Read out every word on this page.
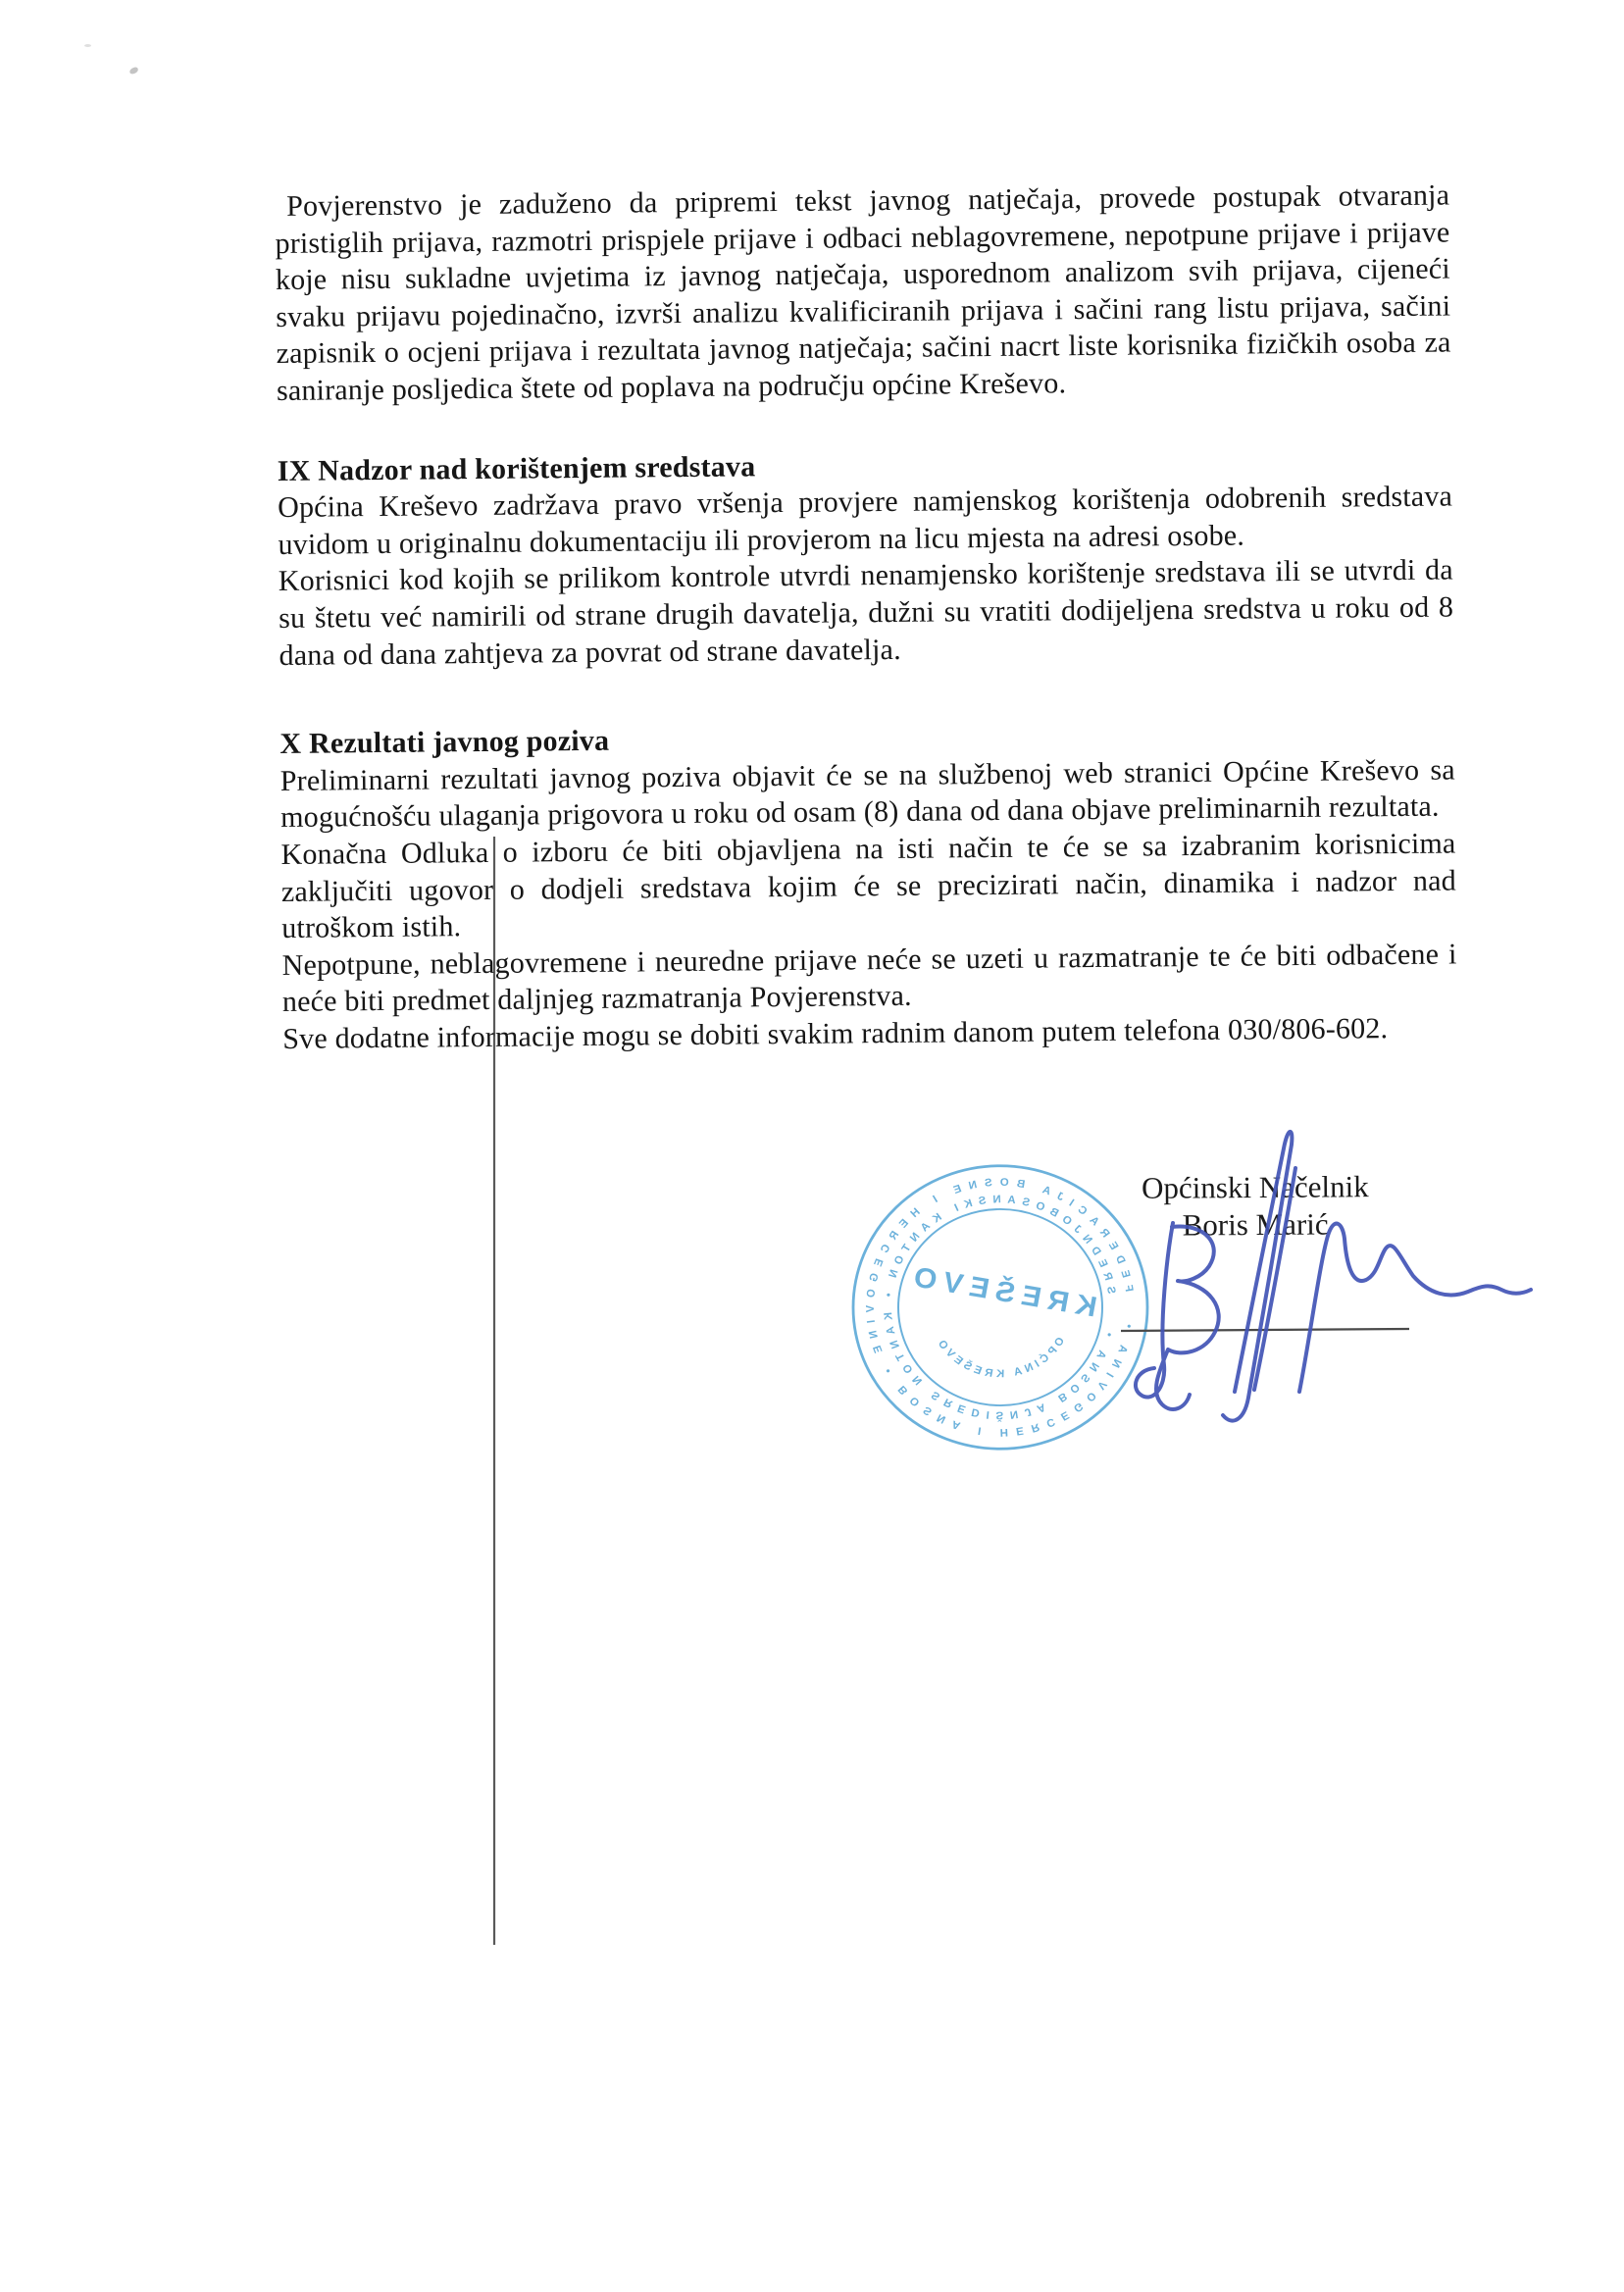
Povjerenstvo je zaduženo da pripremi tekst javnog natječaja, provede postupak otvaranja pristiglih prijava, razmotri prispjele prijave i odbaci neblagovremene, nepotpune prijave i prijave koje nisu sukladne uvjetima iz javnog natječaja, usporednom analizom svih prijava, cijeneći svaku prijavu pojedinačno, izvrši analizu kvalificiranih prijava i sačini rang listu prijava, sačini zapisnik o ocjeni prijava i rezultata javnog natječaja; sačini nacrt liste korisnika fizičkih osoba za saniranje posljedica štete od poplava na području općine Kreševo.

IX Nadzor nad korištenjem sredstava

Općina Kreševo zadržava pravo vršenja provjere namjenskog korištenja odobrenih sredstava uvidom u originalnu dokumentaciju ili provjerom na licu mjesta na adresi osobe.

Korisnici kod kojih se prilikom kontrole utvrdi nenamjensko korištenje sredstava ili se utvrdi da su štetu već namirili od strane drugih davatelja, dužni su vratiti dodijeljena sredstva u roku od 8 dana od dana zahtjeva za povrat od strane davatelja.

X Rezultati javnog poziva

Preliminarni rezultati javnog poziva objavit će se na službenoj web stranici Općine Kreševo sa mogućnošću ulaganja prigovora u roku od osam (8) dana od dana objave preliminarnih rezultata.

Konačna Odluka o izboru će biti objavljena na isti način te će se sa izabranim korisnicima zaključiti ugovor o dodjeli sredstava kojim će se precizirati način, dinamika i nadzor nad utroškom istih.

Nepotpune, neblagovremene i neuredne prijave neće se uzeti u razmatranje te će biti odbačene i neće biti predmet daljnjeg razmatranja Povjerenstva.

Sve dodatne informacije mogu se dobiti svakim radnim danom putem telefona 030/806-602.

Općinski Načelnik
Boris Marić
FEDERACIJA BOSNE I HERCEGOVINE • BOSNA I HERCEGOVINA •
SREDNJOBOSANSKI KANTON • KANTON SREDIŠNJA BOSNA •
OPĆINA KREŠEVO
KREŠEVO
